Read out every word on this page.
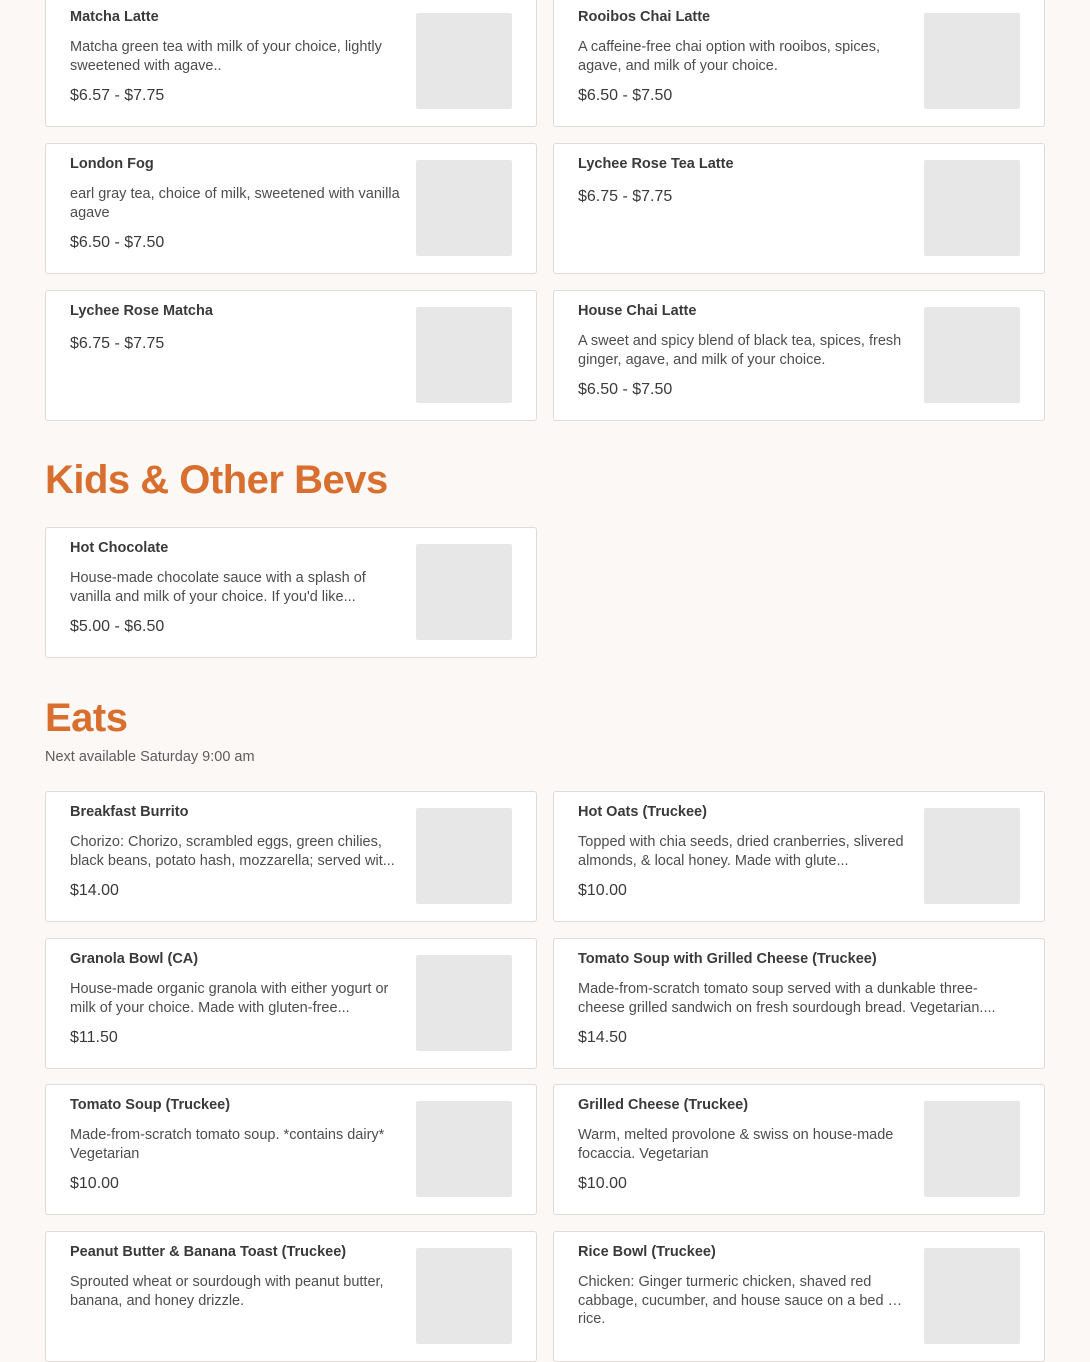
Matcha Latte
Matcha green tea with milk of your choice, lightly sweetened with agave..
$6.57 - $7.75
Rooibos Chai Latte
A caffeine-free chai option with rooibos, spices, agave, and milk of your choice.
$6.50 - $7.50
London Fog
earl gray tea, choice of milk, sweetened with vanilla agave
$6.50 - $7.50
Lychee Rose Tea Latte
$6.75 - $7.75
Lychee Rose Matcha
$6.75 - $7.75
House Chai Latte
A sweet and spicy blend of black tea, spices, fresh ginger, agave, and milk of your choice.
$6.50 - $7.50
Kids & Other Bevs
Hot Chocolate
House-made chocolate sauce with a splash of vanilla and milk of your choice. If you'd like...
$5.00 - $6.50
Eats
Next available Saturday 9:00 am
Breakfast Burrito
Chorizo: Chorizo, scrambled eggs, green chilies, black beans, potato hash, mozzarella; served wit...
$14.00
Hot Oats (Truckee)
Topped with chia seeds, dried cranberries, slivered almonds, & local honey. Made with glute...
$10.00
Granola Bowl (CA)
House-made organic granola with either yogurt or milk of your choice. Made with gluten-free...
$11.50
Tomato Soup with Grilled Cheese (Truckee)
Made-from-scratch tomato soup served with a dunkable three-cheese grilled sandwich on fresh sourdough bread. Vegetarian....
$14.50
Tomato Soup (Truckee)
Made-from-scratch tomato soup. *contains dairy* Vegetarian
$10.00
Grilled Cheese (Truckee)
Warm, melted provolone & swiss on house-made focaccia. Vegetarian
$10.00
Peanut Butter & Banana Toast (Truckee)
Sprouted wheat or sourdough with peanut butter, banana, and honey drizzle.
Rice Bowl (Truckee)
Chicken: Ginger turmeric chicken, shaved red cabbage, cucumber, and house sauce on a bed of rice.
